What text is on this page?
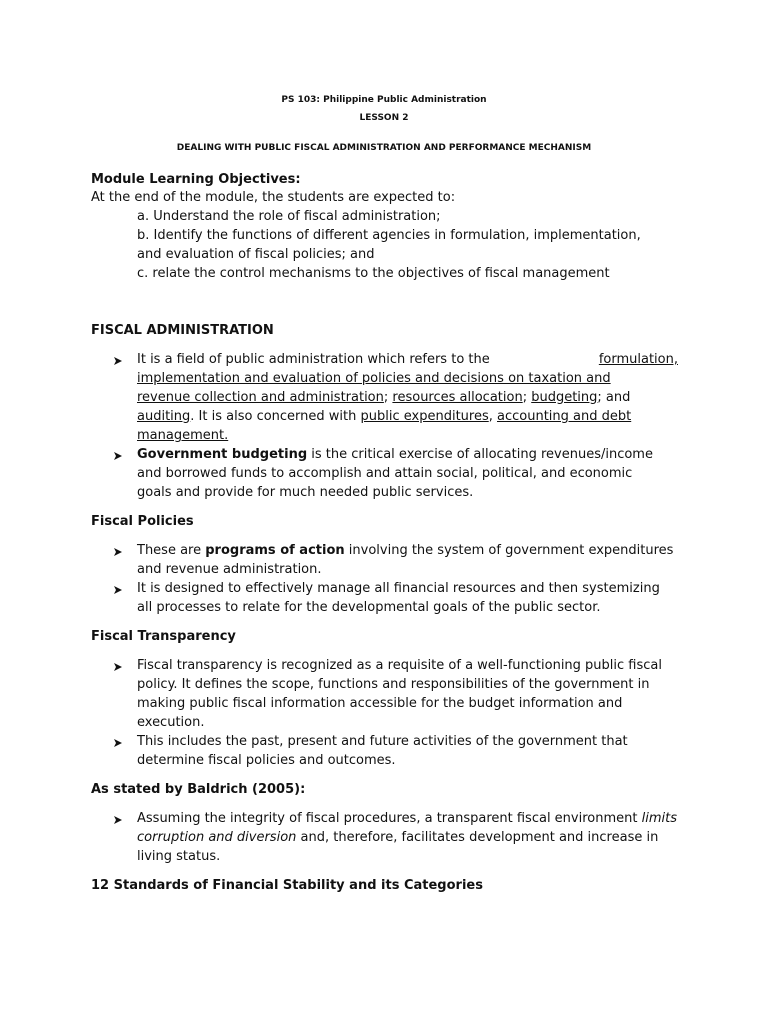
PS 103: Philippine Public Administration
LESSON 2
DEALING WITH PUBLIC FISCAL ADMINISTRATION AND PERFORMANCE MECHANISM
Module Learning Objectives:
At the end of the module, the students are expected to:
a. Understand the role of fiscal administration;
b. Identify the functions of different agencies in formulation, implementation,
and evaluation of fiscal policies; and
c. relate the control mechanisms to the objectives of fiscal management
FISCAL ADMINISTRATION
It is a field of public administration which refers to the	formulation,
implementation and evaluation of policies and decisions on taxation and
revenue collection and administration; resources allocation; budgeting; and
auditing. It is also concerned with public expenditures, accounting and debt
management.
Government budgeting is the critical exercise of allocating revenues/income
and borrowed funds to accomplish and attain social, political, and economic
goals and provide for much needed public services.
Fiscal Policies
These are programs of action involving the system of government expenditures
and revenue administration.
It is designed to effectively manage all financial resources and then systemizing
all processes to relate for the developmental goals of the public sector.
Fiscal Transparency
Fiscal transparency is recognized as a requisite of a well-functioning public fiscal
policy. It defines the scope, functions and responsibilities of the government in
making public fiscal information accessible for the budget information and
execution.
This includes the past, present and future activities of the government that
determine fiscal policies and outcomes.
As stated by Baldrich (2005):
Assuming the integrity of fiscal procedures, a transparent fiscal environment limits
corruption and diversion and, therefore, facilitates development and increase in
living status.
12 Standards of Financial Stability and its Categories
